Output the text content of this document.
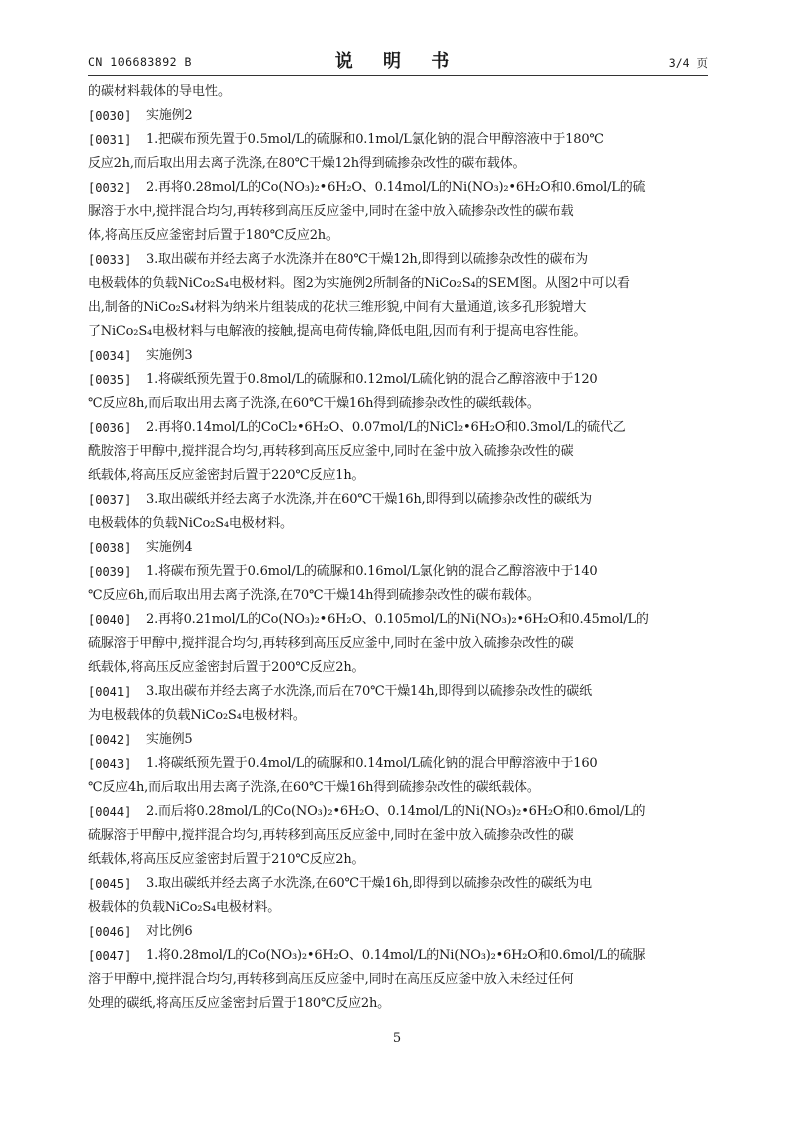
CN 106683892 B	说 明 书	3/4 页
的碳材料载体的导电性。
[0030]	实施例2
[0031]	1.把碳布预先置于0.5mol/L的硫脲和0.1mol/L氯化钠的混合甲醇溶液中于180℃
反应2h,而后取出用去离子洗涤,在80℃干燥12h得到硫掺杂改性的碳布载体。
[0032]	2.再将0.28mol/L的Co(NO₃)₂•6H₂O、0.14mol/L的Ni(NO₃)₂•6H₂O和0.6mol/L的硫
脲溶于水中,搅拌混合均匀,再转移到高压反应釜中,同时在釜中放入硫掺杂改性的碳布载
体,将高压反应釜密封后置于180℃反应2h。
[0033]	3.取出碳布并经去离子水洗涤并在80℃干燥12h,即得到以硫掺杂改性的碳布为
电极载体的负载NiCo₂S₄电极材料。图2为实施例2所制备的NiCo₂S₄的SEM图。从图2中可以看
出,制备的NiCo₂S₄材料为纳米片组装成的花状三维形貌,中间有大量通道,该多孔形貌增大
了NiCo₂S₄电极材料与电解液的接触,提高电荷传输,降低电阻,因而有利于提高电容性能。
[0034]	实施例3
[0035]	1.将碳纸预先置于0.8mol/L的硫脲和0.12mol/L硫化钠的混合乙醇溶液中于120
℃反应8h,而后取出用去离子洗涤,在60℃干燥16h得到硫掺杂改性的碳纸载体。
[0036]	2.再将0.14mol/L的CoCl₂•6H₂O、0.07mol/L的NiCl₂•6H₂O和0.3mol/L的硫代乙
酰胺溶于甲醇中,搅拌混合均匀,再转移到高压反应釜中,同时在釜中放入硫掺杂改性的碳
纸载体,将高压反应釜密封后置于220℃反应1h。
[0037]	3.取出碳纸并经去离子水洗涤,并在60℃干燥16h,即得到以硫掺杂改性的碳纸为
电极载体的负载NiCo₂S₄电极材料。
[0038]	实施例4
[0039]	1.将碳布预先置于0.6mol/L的硫脲和0.16mol/L氯化钠的混合乙醇溶液中于140
℃反应6h,而后取出用去离子洗涤,在70℃干燥14h得到硫掺杂改性的碳布载体。
[0040]	2.再将0.21mol/L的Co(NO₃)₂•6H₂O、0.105mol/L的Ni(NO₃)₂•6H₂O和0.45mol/L的
硫脲溶于甲醇中,搅拌混合均匀,再转移到高压反应釜中,同时在釜中放入硫掺杂改性的碳
纸载体,将高压反应釜密封后置于200℃反应2h。
[0041]	3.取出碳布并经去离子水洗涤,而后在70℃干燥14h,即得到以硫掺杂改性的碳纸
为电极载体的负载NiCo₂S₄电极材料。
[0042]	实施例5
[0043]	1.将碳纸预先置于0.4mol/L的硫脲和0.14mol/L硫化钠的混合甲醇溶液中于160
℃反应4h,而后取出用去离子洗涤,在60℃干燥16h得到硫掺杂改性的碳纸载体。
[0044]	2.而后将0.28mol/L的Co(NO₃)₂•6H₂O、0.14mol/L的Ni(NO₃)₂•6H₂O和0.6mol/L的
硫脲溶于甲醇中,搅拌混合均匀,再转移到高压反应釜中,同时在釜中放入硫掺杂改性的碳
纸载体,将高压反应釜密封后置于210℃反应2h。
[0045]	3.取出碳纸并经去离子水洗涤,在60℃干燥16h,即得到以硫掺杂改性的碳纸为电
极载体的负载NiCo₂S₄电极材料。
[0046]	对比例6
[0047]	1.将0.28mol/L的Co(NO₃)₂•6H₂O、0.14mol/L的Ni(NO₃)₂•6H₂O和0.6mol/L的硫脲
溶于甲醇中,搅拌混合均匀,再转移到高压反应釜中,同时在高压反应釜中放入未经过任何
处理的碳纸,将高压反应釜密封后置于180℃反应2h。
5
